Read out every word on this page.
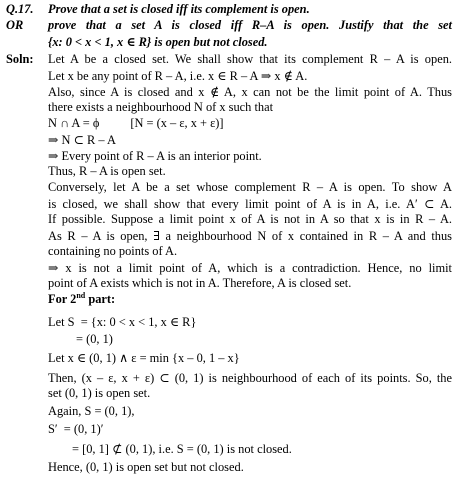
Q.17. Prove that a set is closed iff its complement is open.
OR prove that a set A is closed iff R–A is open. Justify that the set
{x: 0 < x < 1, x ∈ R} is open but not closed.
Soln: Let A be a closed set. We shall show that its complement R – A is open.
Let x be any point of R – A, i.e. x ∈ R – A ⇒ x ∉ A.
Also, since A is closed and x ∉ A, x can not be the limit point of A. Thus
there exists a neighbourhood N of x such that
N ∩ A = ϕ          [N = (x – ε, x + ε)]
⇒ N ⊂ R – A
⇒ Every point of R – A is an interior point.
Thus, R – A is open set.
Conversely, let A be a set whose complement R – A is open. To show A
is closed, we shall show that every limit point of A is in A, i.e. A′ ⊂ A.
If possible. Suppose a limit point x of A is not in A so that x is in R – A.
As R – A is open, ∃ a neighbourhood N of x contained in R – A and thus
containing no points of A.
⇒ x is not a limit point of A, which is a contradiction. Hence, no limit
point of A exists which is not in A. Therefore, A is closed set.
For 2nd part:
Let S  = {x: 0 < x < 1, x ∈ R}
= (0, 1)
Let x ∈ (0, 1) ∧ ε = min {x – 0, 1 – x}
Then, (x – ε, x + ε) ⊂ (0, 1) is neighbourhood of each of its points. So, the
set (0, 1) is open set.
Again, S = (0, 1),
S′  = (0, 1)′
= [0, 1] ⊄ (0, 1), i.e. S = (0, 1) is not closed.
Hence, (0, 1) is open set but not closed.
